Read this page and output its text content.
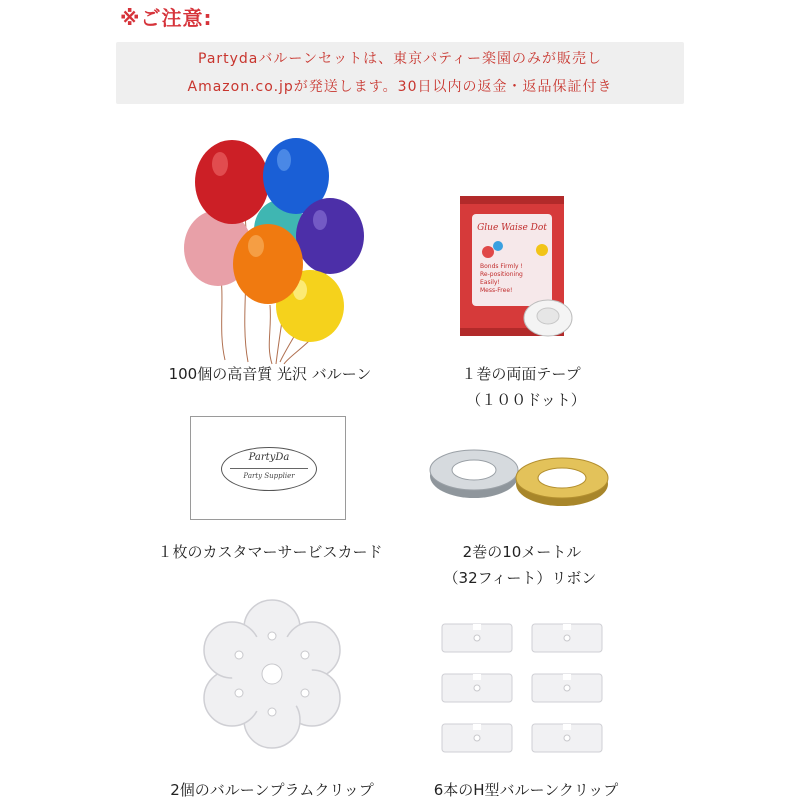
※ご注意:
Partydaバルーンセットは、東京パティー楽園のみが販売し
Amazon.co.jpが発送します。30日以内の返金・返品保証付き
100個の高音質 光沢 バルーン
Glue Waise Dot
Bonds Firmly !
Re-positioning
Easily!
Mess-Free!
１巻の両面テープ
（１００ドット）
PartyDa
Party Supplier
１枚のカスタマーサービスカード	2巻の10メートル
（32フィート）リボン
2個のバルーンプラムクリップ	6本のH型バルーンクリップ
